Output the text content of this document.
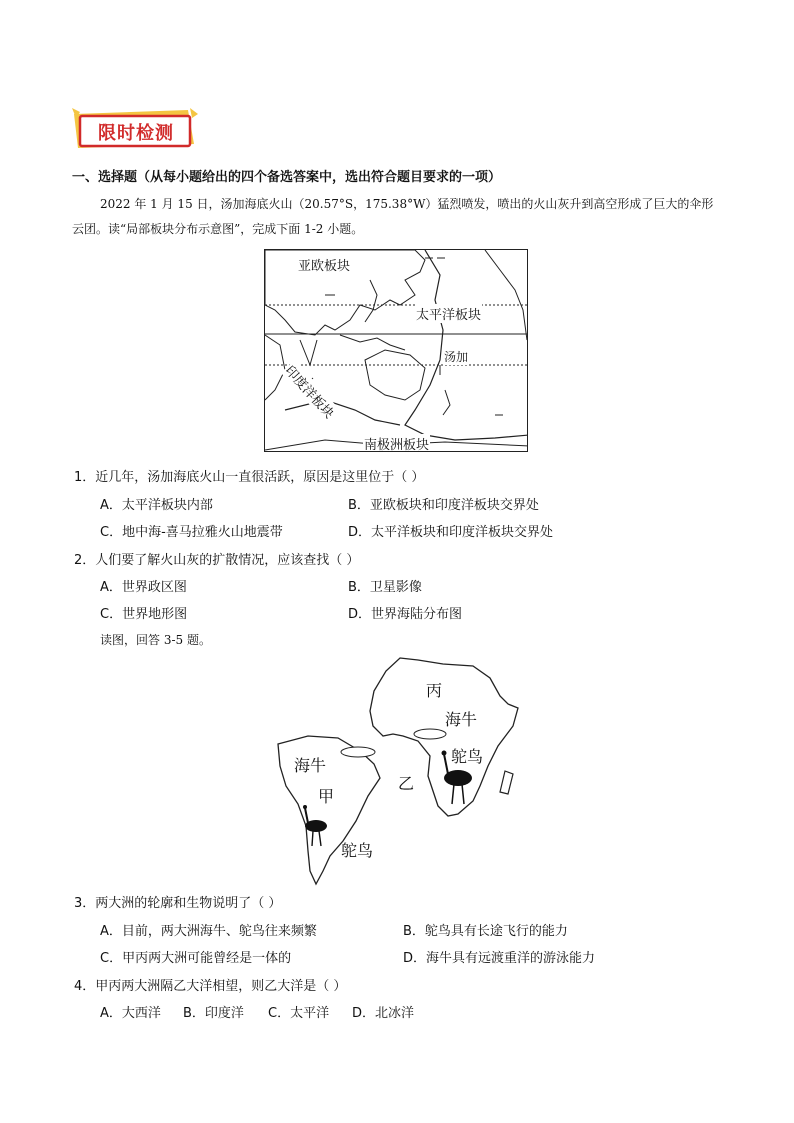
限时检测
一、选择题（从每小题给出的四个备选答案中，选出符合题目要求的一项）
2022 年 1 月 15 日，汤加海底火山（20.57°S，175.38°W）猛烈喷发，喷出的火山灰升到高空形成了巨大的伞形云团。读“局部板块分布示意图”，完成下面 1-2 小题。
亚欧板块
太平洋板块
印度洋板块
汤加
南极洲板块
1．近几年，汤加海底火山一直很活跃，原因是这里位于（ ）
A．太平洋板块内部	B．亚欧板块和印度洋板块交界处
C．地中海-喜马拉雅火山地震带	D．太平洋板块和印度洋板块交界处
2．人们要了解火山灰的扩散情况，应该查找（ ）
A．世界政区图	B．卫星影像
C．世界地形图	D．世界海陆分布图
读图，回答 3-5 题。
丙
海牛
鸵鸟
海牛
甲
乙
鸵鸟
3．两大洲的轮廓和生物说明了（ ）
A．目前，两大洲海牛、鸵鸟往来频繁	B．鸵鸟具有长途飞行的能力
C．甲丙两大洲可能曾经是一体的	D．海牛具有远渡重洋的游泳能力
4．甲丙两大洲隔乙大洋相望，则乙大洋是（ ）
A．大西洋 B．印度洋 C．太平洋 D．北冰洋
